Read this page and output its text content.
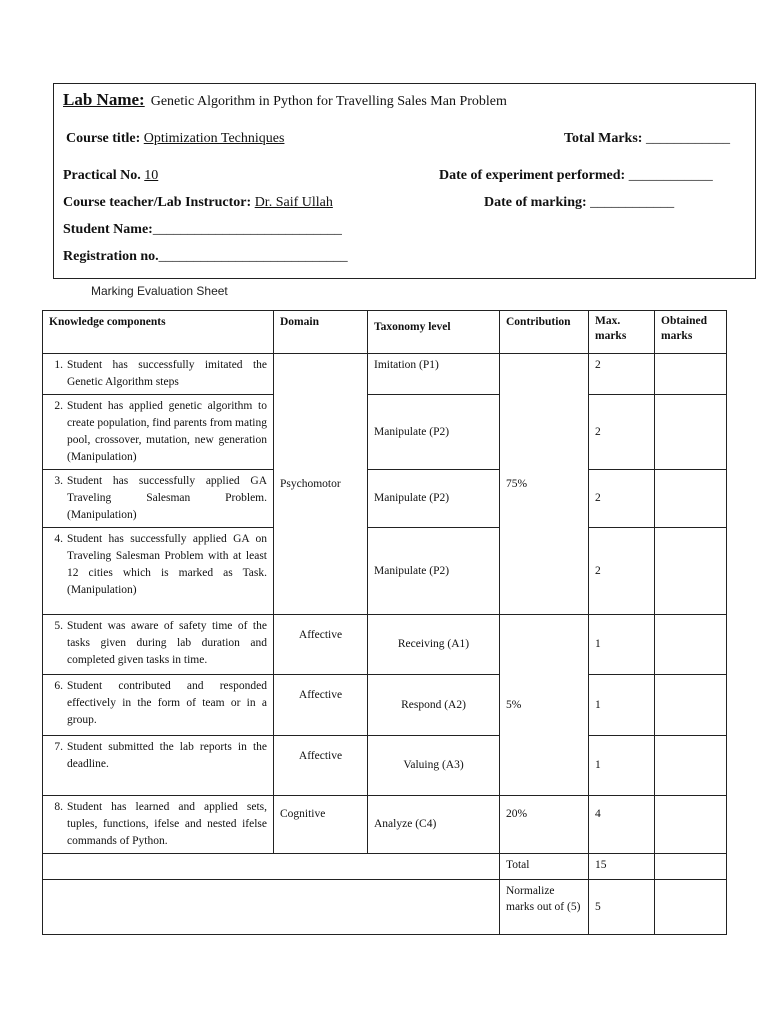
Lab Name: Genetic Algorithm in Python for Travelling Sales Man Problem
Course title: Optimization Techniques	Total Marks: ____________
Practical No. 10	Date of experiment performed: ____________
Course teacher/Lab Instructor: Dr. Saif Ullah	Date of marking: ____________
Student Name:___________________________
Registration no.___________________________
Marking Evaluation Sheet
Knowledge components	Domain	Taxonomy level	Contribution	Max. marks	Obtained marks

1. Student has successfully imitated the Genetic Algorithm steps	Psychomotor	Imitation (P1)	75%	2	

2. Student has applied genetic algorithm to create population, find parents from mating pool, crossover, mutation, new generation (Manipulation)		Manipulate (P2)		2	

3. Student has successfully applied GA Traveling Salesman Problem. (Manipulation)		Manipulate (P2)		2	

4. Student has successfully applied GA on Traveling Salesman Problem with at least 12 cities which is marked as Task. (Manipulation)		Manipulate (P2)		2	

5. Student was aware of safety time of the tasks given during lab duration and completed given tasks in time.	Affective	Receiving (A1)	5%	1	

6. Student contributed and responded effectively in the form of team or in a group.	Affective	Respond (A2)		1	

7. Student submitted the lab reports in the deadline.	Affective	Valuing (A3)		1	

8. Student has learned and applied sets, tuples, functions, ifelse and nested ifelse commands of Python.	Cognitive	Analyze (C4)	20%	4	
			Total	15	
			Normalize marks out of (5)	5	
